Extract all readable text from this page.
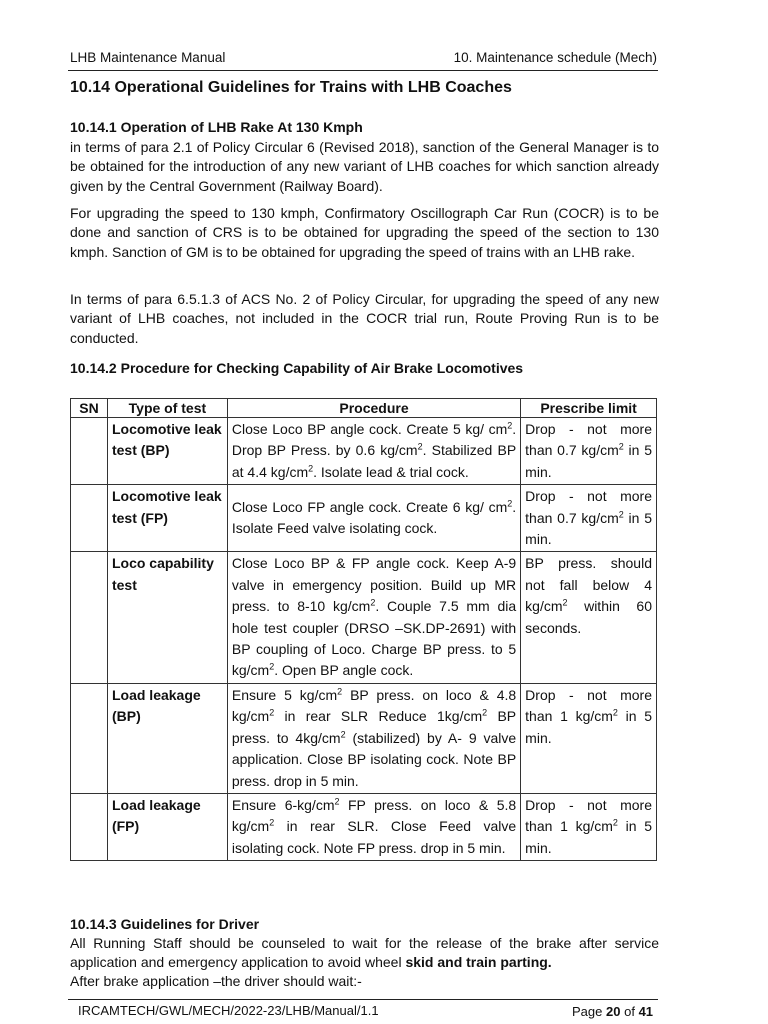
LHB Maintenance Manual	10. Maintenance schedule (Mech)
10.14 Operational Guidelines for Trains with LHB Coaches
10.14.1 Operation of LHB Rake At 130 Kmph
in terms of para 2.1 of Policy Circular 6 (Revised 2018), sanction of the General Manager is to be obtained for the introduction of any new variant of LHB coaches for which sanction already given by the Central Government (Railway Board).
For upgrading the speed to 130 kmph, Confirmatory Oscillograph Car Run (COCR) is to be done and sanction of CRS is to be obtained for upgrading the speed of the section to 130 kmph. Sanction of GM is to be obtained for upgrading the speed of trains with an LHB rake.
In terms of para 6.5.1.3 of ACS No. 2 of Policy Circular, for upgrading the speed of any new variant of LHB coaches, not included in the COCR trial run, Route Proving Run is to be conducted.
10.14.2 Procedure for Checking Capability of Air Brake Locomotives
SN	Type of test	Procedure	Prescribe limit
	Locomotive leak test (BP)	Close Loco BP angle cock. Create 5 kg/ $cm^2$. Drop BP Press. by 0.6 $kg/cm^2$. Stabilized BP at 4.4 $kg/cm^2$. Isolate lead & trial cock.	Drop - not more than 0.7 $kg/cm^2$ in 5 min.
	Locomotive leak test (FP)	Close Loco FP angle cock. Create 6 kg/ $cm^2$. Isolate Feed valve isolating cock.	Drop - not more than 0.7 $kg/cm^2$ in 5 min.
	Loco capability test	Close Loco BP & FP angle cock. Keep A-9 valve in emergency position. Build up MR press. to 8-10 $kg/cm^2$. Couple 7.5 mm dia hole test coupler (DRSO –SK.DP-2691) with BP coupling of Loco. Charge BP press. to 5 $kg/cm^2$. Open BP angle cock.	BP press. should not fall below 4 $kg/cm^2$ within 60 seconds.
	Load leakage (BP)	Ensure 5 $kg/cm^2$ BP press. on loco & 4.8 $kg/cm^2$ in rear SLR Reduce $1kg/cm^2$ BP press. to $4kg/cm^2$ (stabilized) by A- 9 valve application. Close BP isolating cock. Note BP press. drop in 5 min.	Drop - not more than 1 $kg/cm^2$ in 5 min.
	Load leakage (FP)	Ensure $6-kg/cm^2$ FP press. on loco & 5.8 $kg/cm^2$ in rear SLR. Close Feed valve isolating cock. Note FP press. drop in 5 min.	Drop - not more than 1 $kg/cm^2$ in 5 min.
10.14.3 Guidelines for Driver
All Running Staff should be counseled to wait for the release of the brake after service application and emergency application to avoid wheel skid and train parting.
After brake application –the driver should wait:-
IRCAMTECH/GWL/MECH/2022-23/LHB/Manual/1.1	Page 20 of 41
